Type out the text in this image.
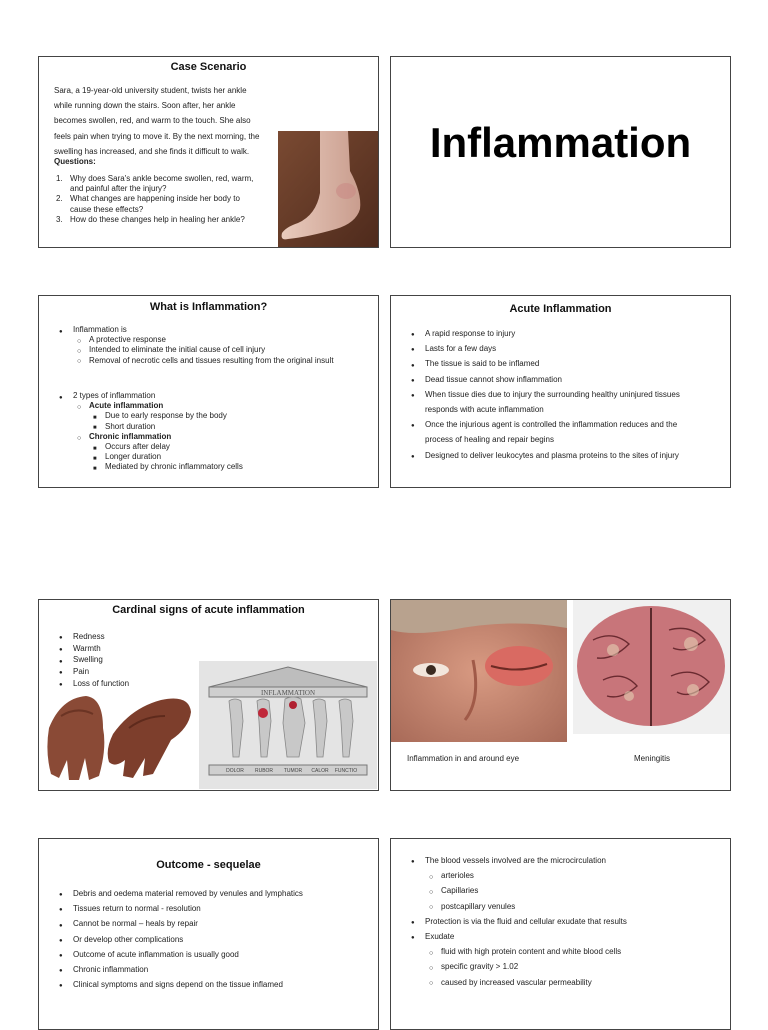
Case Scenario
Sara, a 19-year-old university student, twists her ankle
while running down the stairs. Soon after, her ankle
becomes swollen, red, and warm to the touch. She also
feels pain when trying to move it. By the next morning, the
swelling has increased, and she finds it difficult to walk.
Questions:
1. Why does Sara's ankle become swollen, red, warm,
and painful after the injury?
2. What changes are happening inside her body to
cause these effects?
3. How do these changes help in healing her ankle?
Inflammation
What is Inflammation?
● Inflammation is
○ A protective response
○ Intended to eliminate the initial cause of cell injury
○ Removal of necrotic cells and tissues resulting from the original insult
● 2 types of inflammation
○ Acute inflammation
■ Due to early response by the body
■ Short duration
○ Chronic inflammation
■ Occurs after delay
■ Longer duration
■ Mediated by chronic inflammatory cells
Acute Inflammation
● A rapid response to injury
● Lasts for a few days
● The tissue is said to be inflamed
● Dead tissue cannot show inflammation
● When tissue dies due to injury the surrounding healthy uninjured tissues
responds with acute inflammation
● Once the injurious agent is controlled the inflammation reduces and the
process of healing and repair begins
● Designed to deliver leukocytes and plasma proteins to the sites of injury
Cardinal signs of acute inflammation
● Redness
● Warmth
● Swelling
● Pain
● Loss of function
INFLAMMATION
DOLOR RUBOR TUMOR CALOR FUNCTIO
Inflammation in and around eye	Meningitis
Outcome - sequelae
● Debris and oedema material removed by venules and lymphatics
● Tissues return to normal - resolution
● Cannot be normal – heals by repair
● Or develop other complications
● Outcome of acute inflammation is usually good
● Chronic inflammation
● Clinical symptoms and signs depend on the tissue inflamed
● The blood vessels involved are the microcirculation
○ arterioles
○ Capillaries
○ postcapillary venules
● Protection is via the fluid and cellular exudate that results
● Exudate
○ fluid with high protein content and white blood cells
○ specific gravity > 1.02
○ caused by increased vascular permeability
